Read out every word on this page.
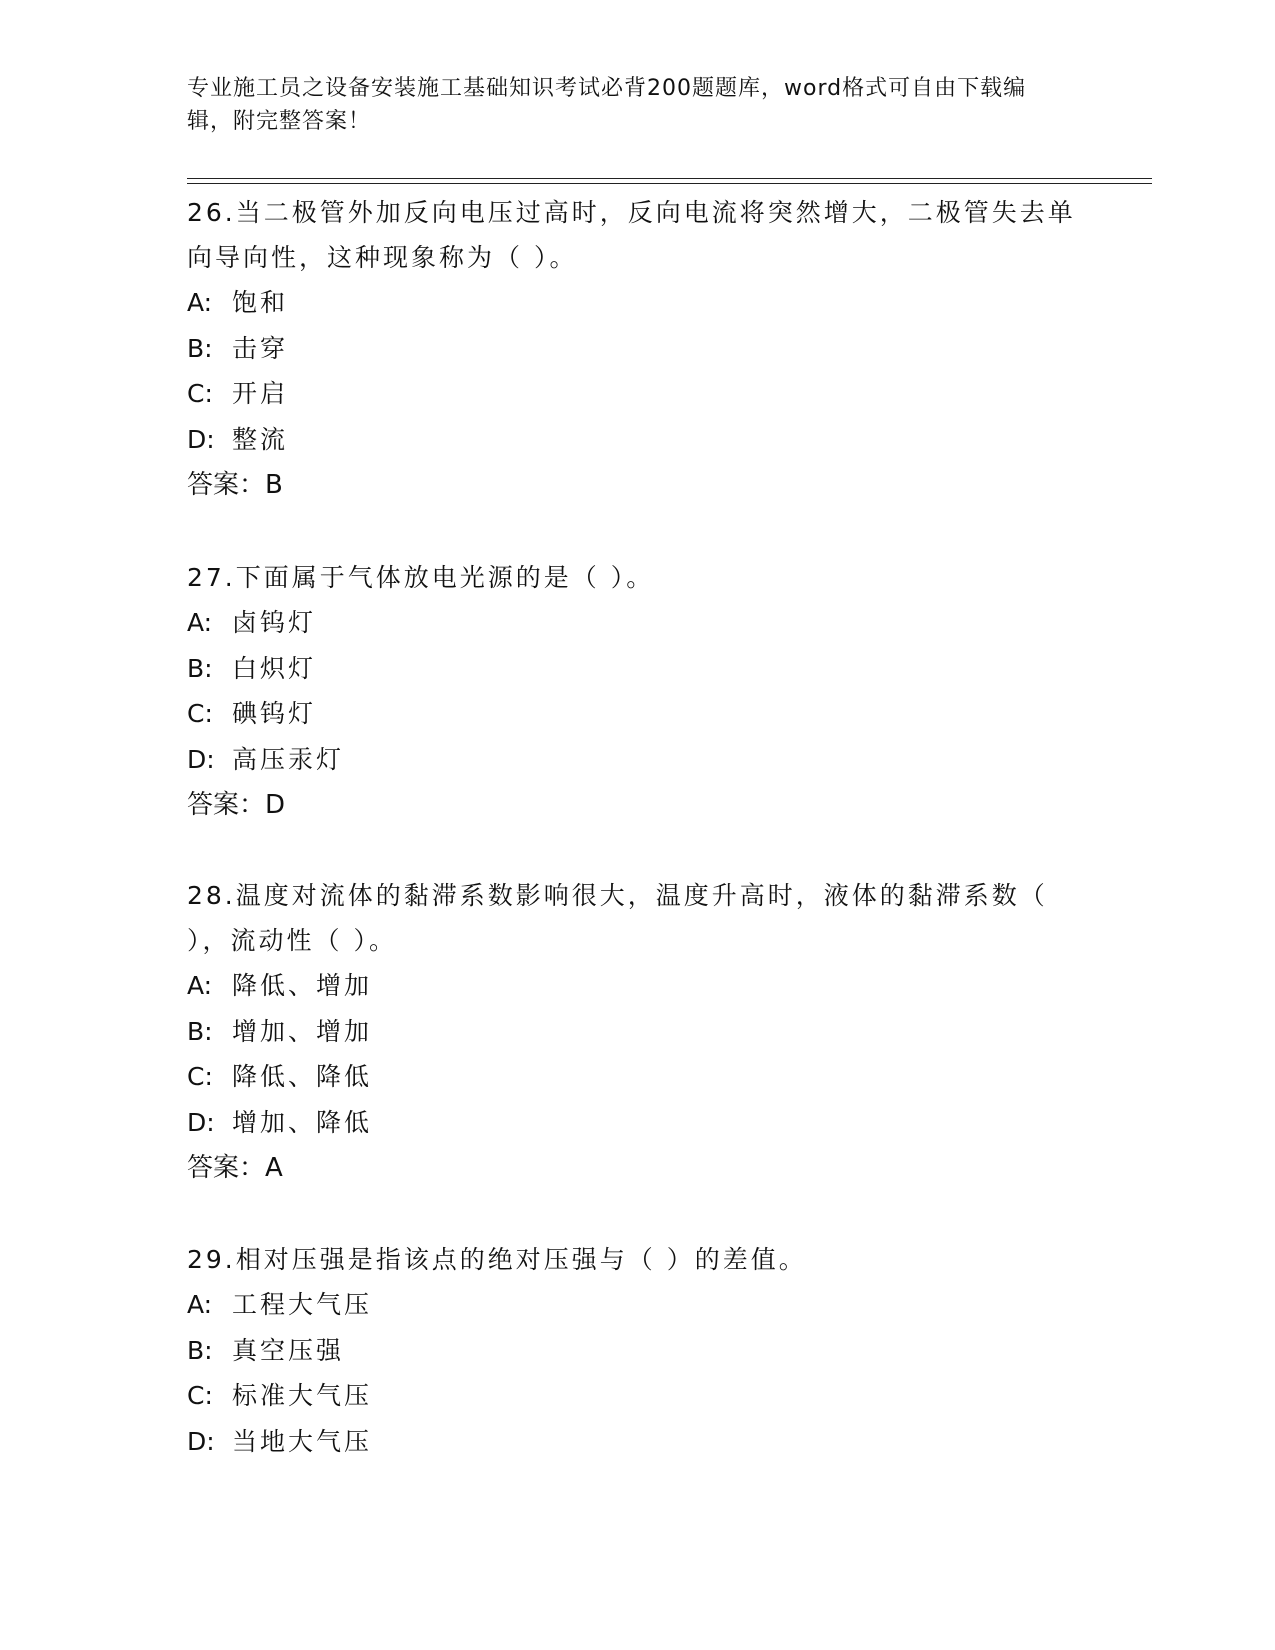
专业施工员之设备安装施工基础知识考试必背200题题库，word格式可自由下载编辑，附完整答案！

26.当二极管外加反向电压过高时，反向电流将突然增大，二极管失去单向导向性，这种现象称为（ ）。

A: 饱和
B: 击穿
C: 开启
D: 整流
答案：B

27.下面属于气体放电光源的是（ ）。

A: 卤钨灯
B: 白炽灯
C: 碘钨灯
D: 高压汞灯
答案：D

28.温度对流体的黏滞系数影响很大，温度升高时，液体的黏滞系数（ ），流动性（ ）。

A: 降低、增加
B: 增加、增加
C: 降低、降低
D: 增加、降低
答案：A

29.相对压强是指该点的绝对压强与（ ）的差值。

A: 工程大气压
B: 真空压强
C: 标准大气压
D: 当地大气压
